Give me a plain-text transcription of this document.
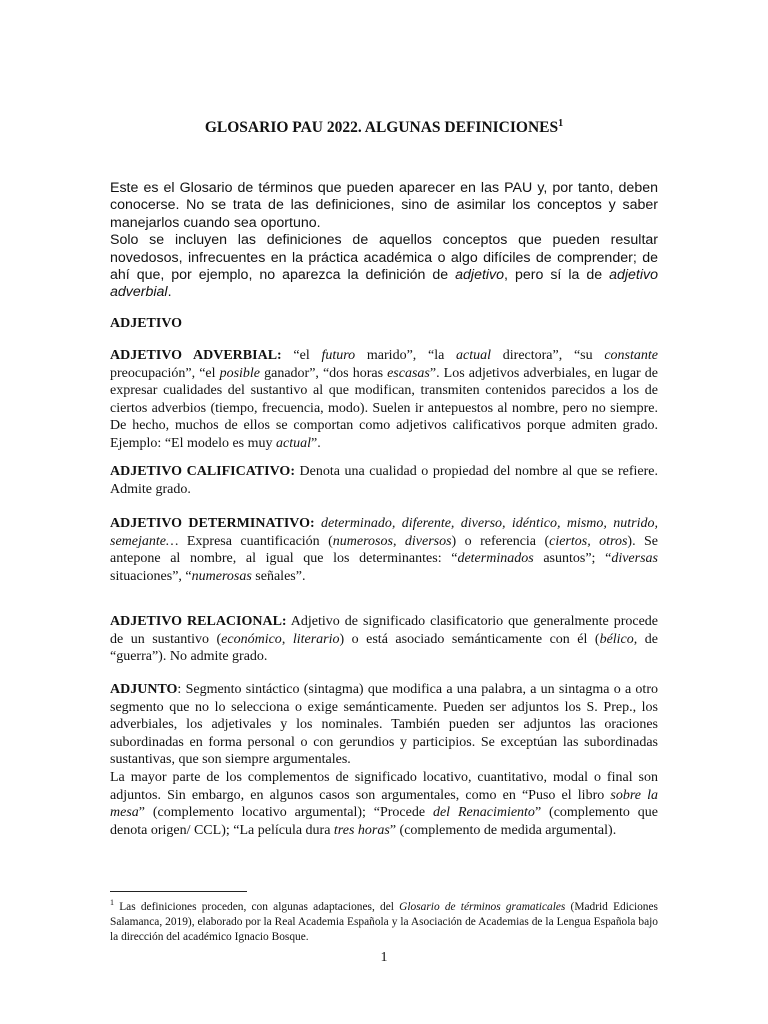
GLOSARIO PAU 2022. ALGUNAS DEFINICIONES$^1$

Este es el Glosario de términos que pueden aparecer en las PAU y, por tanto, deben conocerse. No se trata de las definiciones, sino de asimilar los conceptos y saber manejarlos cuando sea oportuno.

Solo se incluyen las definiciones de aquellos conceptos que pueden resultar novedosos, infrecuentes en la práctica académica o algo difíciles de comprender; de ahí que, por ejemplo, no aparezca la definición de adjetivo, pero sí la de adjetivo adverbial.

ADJETIVO

ADJETIVO ADVERBIAL: “el futuro marido”, “la actual directora”, “su constante preocupación”, “el posible ganador”, “dos horas escasas”. Los adjetivos adverbiales, en lugar de expresar cualidades del sustantivo al que modifican, transmiten contenidos parecidos a los de ciertos adverbios (tiempo, frecuencia, modo). Suelen ir antepuestos al nombre, pero no siempre. De hecho, muchos de ellos se comportan como adjetivos calificativos porque admiten grado. Ejemplo: “El modelo es muy actual”.

ADJETIVO CALIFICATIVO: Denota una cualidad o propiedad del nombre al que se refiere. Admite grado.

ADJETIVO DETERMINATIVO: determinado, diferente, diverso, idéntico, mismo, nutrido, semejante… Expresa cuantificación (numerosos, diversos) o referencia (ciertos, otros). Se antepone al nombre, al igual que los determinantes: “determinados asuntos”; “diversas situaciones”, “numerosas señales”.

ADJETIVO RELACIONAL: Adjetivo de significado clasificatorio que generalmente procede de un sustantivo (económico, literario) o está asociado semánticamente con él (bélico, de “guerra”). No admite grado.

ADJUNTO: Segmento sintáctico (sintagma) que modifica a una palabra, a un sintagma o a otro segmento que no lo selecciona o exige semánticamente. Pueden ser adjuntos los S. Prep., los adverbiales, los adjetivales y los nominales. También pueden ser adjuntos las oraciones subordinadas en forma personal o con gerundios y participios. Se exceptúan las subordinadas sustantivas, que son siempre argumentales.

La mayor parte de los complementos de significado locativo, cuantitativo, modal o final son adjuntos. Sin embargo, en algunos casos son argumentales, como en “Puso el libro sobre la mesa” (complemento locativo argumental); “Procede del Renacimiento” (complemento que denota origen/ CCL); “La película dura tres horas” (complemento de medida argumental).

$^1$ Las definiciones proceden, con algunas adaptaciones, del Glosario de términos gramaticales (Madrid Ediciones Salamanca, 2019), elaborado por la Real Academia Española y la Asociación de Academias de la Lengua Española bajo la dirección del académico Ignacio Bosque.
1
